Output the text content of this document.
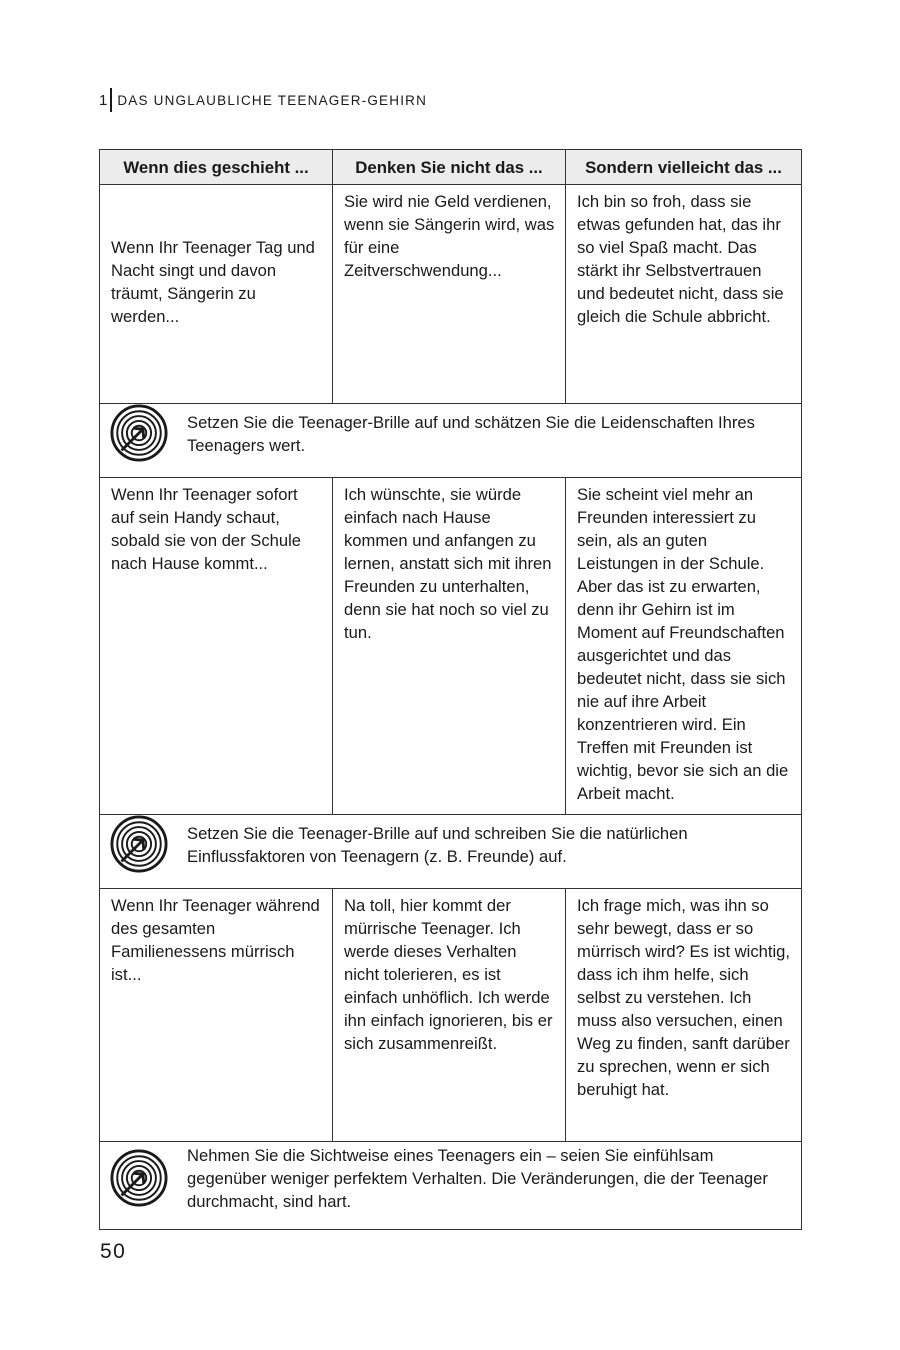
1 DAS UNGLAUBLICHE TEENAGER-GEHIRN
Wenn dies geschieht ...	Denken Sie nicht das ...	Sondern vielleicht das ...

Wenn Ihr Teenager Tag und Nacht singt und davon träumt, Sängerin zu werden...	Sie wird nie Geld verdienen, wenn sie Sängerin wird, was für eine Zeitverschwendung...	Ich bin so froh, dass sie etwas gefunden hat, das ihr so viel Spaß macht. Das stärkt ihr Selbstvertrauen und bedeutet nicht, dass sie gleich die Schule abbricht.

Setzen Sie die Teenager-Brille auf und schätzen Sie die Leidenschaften Ihres Teenagers wert.		

Wenn Ihr Teenager sofort auf sein Handy schaut, sobald sie von der Schule nach Hause kommt...	Ich wünschte, sie würde einfach nach Hause kommen und anfangen zu lernen, anstatt sich mit ihren Freunden zu unterhalten, denn sie hat noch so viel zu tun.	Sie scheint viel mehr an Freunden interessiert zu sein, als an guten Leistungen in der Schule. Aber das ist zu erwarten, denn ihr Gehirn ist im Moment auf Freundschaften ausgerichtet und das bedeutet nicht, dass sie sich nie auf ihre Arbeit konzentrieren wird. Ein Treffen mit Freunden ist wichtig, bevor sie sich an die Arbeit macht.

Setzen Sie die Teenager-Brille auf und schreiben Sie die natürlichen Einflussfaktoren von Teenagern (z. B. Freunde) auf.		

Wenn Ihr Teenager während des gesamten Familienessens mürrisch ist...	Na toll, hier kommt der mürrische Teenager. Ich werde dieses Verhalten nicht tolerieren, es ist einfach unhöflich. Ich werde ihn einfach ignorieren, bis er sich zusammenreißt.	Ich frage mich, was ihn so sehr bewegt, dass er so mürrisch wird? Es ist wichtig, dass ich ihm helfe, sich selbst zu verstehen. Ich muss also versuchen, einen Weg zu finden, sanft darüber zu sprechen, wenn er sich beruhigt hat.

Nehmen Sie die Sichtweise eines Teenagers ein – seien Sie einfühlsam gegenüber weniger perfektem Verhalten. Die Veränderungen, die der Teenager durchmacht, sind hart.		
50
